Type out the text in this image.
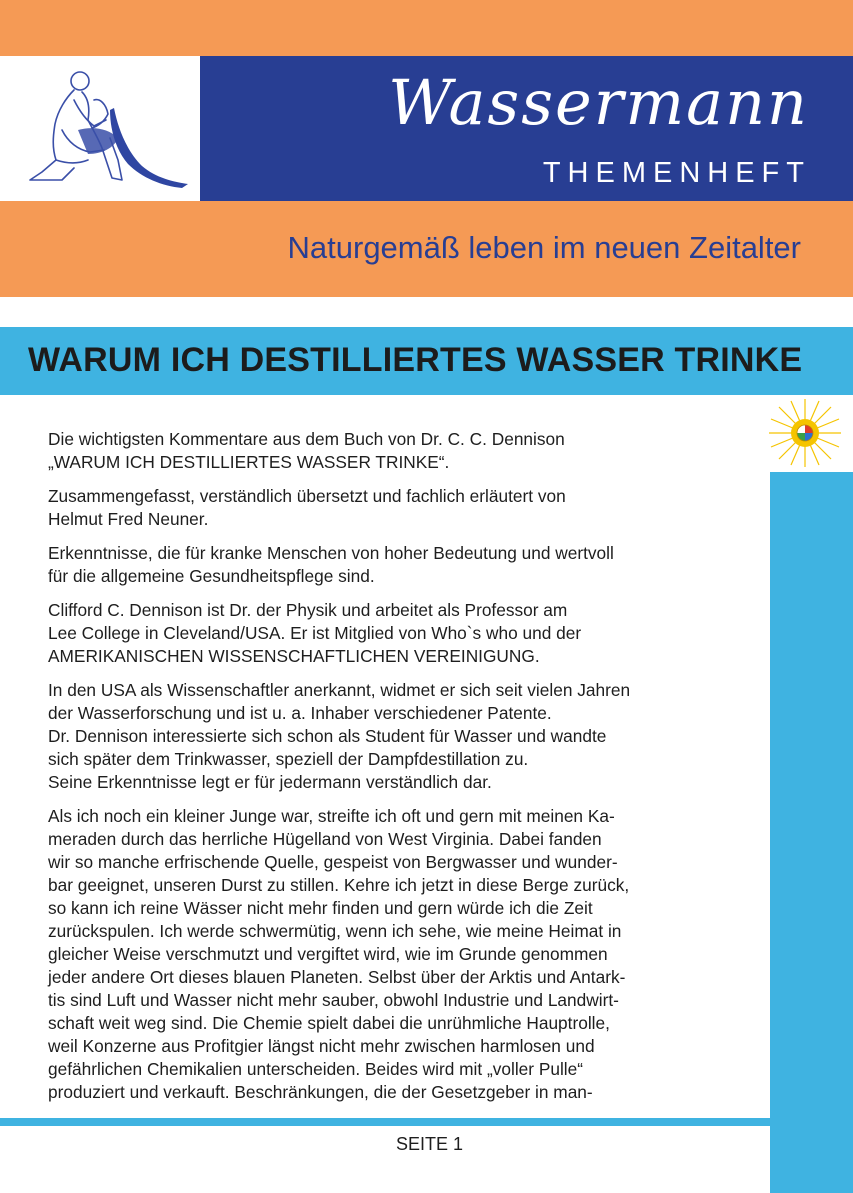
Wassermann
THEMENHEFT
Naturgemäß leben im neuen Zeitalter
WARUM ICH DESTILLIERTES WASSER TRINKE

Die wichtigsten Kommentare aus dem Buch von Dr. C. C. Dennison
„WARUM ICH DESTILLIERTES WASSER TRINKE“.

Zusammengefasst, verständlich übersetzt und fachlich erläutert von
Helmut Fred Neuner.

Erkenntnisse, die für kranke Menschen von hoher Bedeutung und wertvoll
für die allgemeine Gesundheitspflege sind.

Clifford C. Dennison ist Dr. der Physik und arbeitet als Professor am
Lee College in Cleveland/USA. Er ist Mitglied von Who`s who und der
AMERIKANISCHEN WISSENSCHAFTLICHEN VEREINIGUNG.

In den USA als Wissenschaftler anerkannt, widmet er sich seit vielen Jahren
der Wasserforschung und ist u. a. Inhaber verschiedener Patente.
Dr. Dennison interessierte sich schon als Student für Wasser und wandte
sich später dem Trinkwasser, speziell der Dampfdestillation zu.
Seine Erkenntnisse legt er für jedermann verständlich dar.

Als ich noch ein kleiner Junge war, streifte ich oft und gern mit meinen Ka-
meraden durch das herrliche Hügelland von West Virginia. Dabei fanden
wir so manche erfrischende Quelle, gespeist von Bergwasser und wunder-
bar geeignet, unseren Durst zu stillen. Kehre ich jetzt in diese Berge zurück,
so kann ich reine Wässer nicht mehr finden und gern würde ich die Zeit
zurückspulen. Ich werde schwermütig, wenn ich sehe, wie meine Heimat in
gleicher Weise verschmutzt und vergiftet wird, wie im Grunde genommen
jeder andere Ort dieses blauen Planeten. Selbst über der Arktis und Antark-
tis sind Luft und Wasser nicht mehr sauber, obwohl Industrie und Landwirt-
schaft weit weg sind. Die Chemie spielt dabei die unrühmliche Hauptrolle,
weil Konzerne aus Profitgier längst nicht mehr zwischen harmlosen und
gefährlichen Chemikalien unterscheiden. Beides wird mit „voller Pulle“
produziert und verkauft. Beschränkungen, die der Gesetzgeber in man-

SEITE 1
